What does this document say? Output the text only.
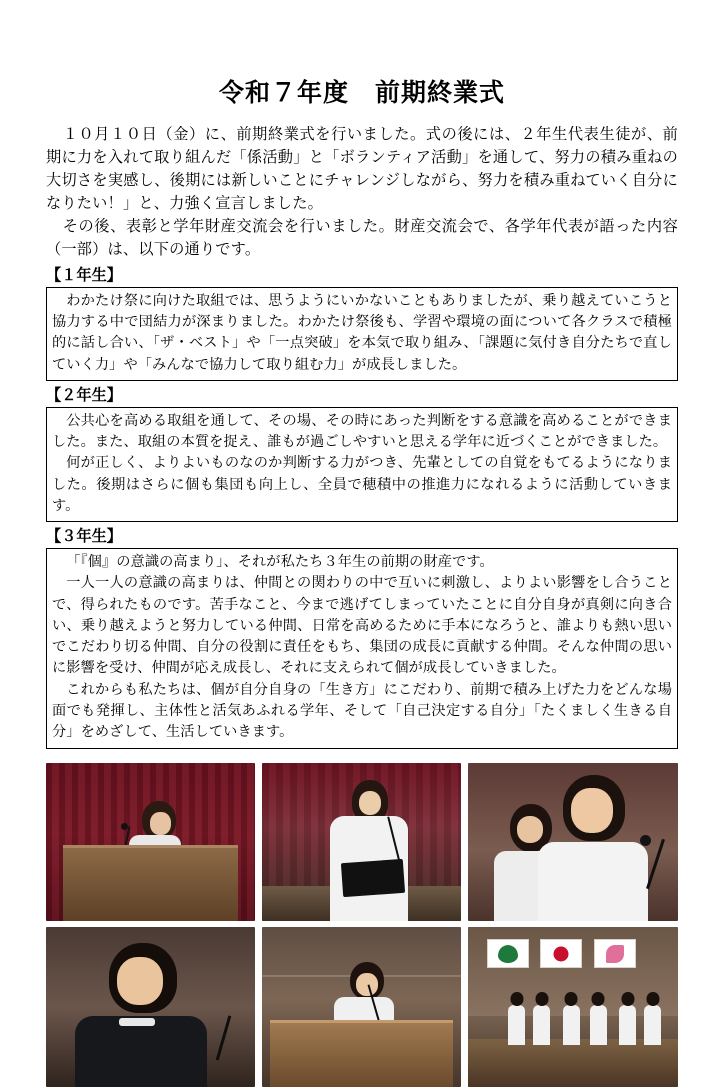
令和７年度　前期終業式

１０月１０日（金）に、前期終業式を行いました。式の後には、２年生代表生徒が、前期に力を入れて取り組んだ「係活動」と「ボランティア活動」を通して、努力の積み重ねの大切さを実感し、後期には新しいことにチャレンジしながら、努力を積み重ねていく自分になりたい！」と、力強く宣言しました。

その後、表彰と学年財産交流会を行いました。財産交流会で、各学年代表が語った内容（一部）は、以下の通りです。

【１年生】

わかたけ祭に向けた取組では、思うようにいかないこともありましたが、乗り越えていこうと協力する中で団結力が深まりました。わかたけ祭後も、学習や環境の面について各クラスで積極的に話し合い、「ザ・ベスト」や「一点突破」を本気で取り組み、「課題に気付き自分たちで直していく力」や「みんなで協力して取り組む力」が成長しました。

【２年生】

公共心を高める取組を通して、その場、その時にあった判断をする意識を高めることができました。また、取組の本質を捉え、誰もが過ごしやすいと思える学年に近づくことができました。

何が正しく、よりよいものなのか判断する力がつき、先輩としての自覚をもてるようになりました。後期はさらに個も集団も向上し、全員で穂積中の推進力になれるように活動していきます。

【３年生】

「『個』の意識の高まり」、それが私たち３年生の前期の財産です。

一人一人の意識の高まりは、仲間との関わりの中で互いに刺激し、よりよい影響をし合うことで、得られたものです。苦手なこと、今まで逃げてしまっていたことに自分自身が真剣に向き合い、乗り越えようと努力している仲間、日常を高めるために手本になろうと、誰よりも熱い思いでこだわり切る仲間、自分の役割に責任をもち、集団の成長に貢献する仲間。そんな仲間の思いに影響を受け、仲間が応え成長し、それに支えられて個が成長していきました。

これからも私たちは、個が自分自身の「生き方」にこだわり、前期で積み上げた力をどんな場面でも発揮し、主体性と活気あふれる学年、そして「自己決定する自分」「たくましく生きる自分」をめざして、生活していきます。
